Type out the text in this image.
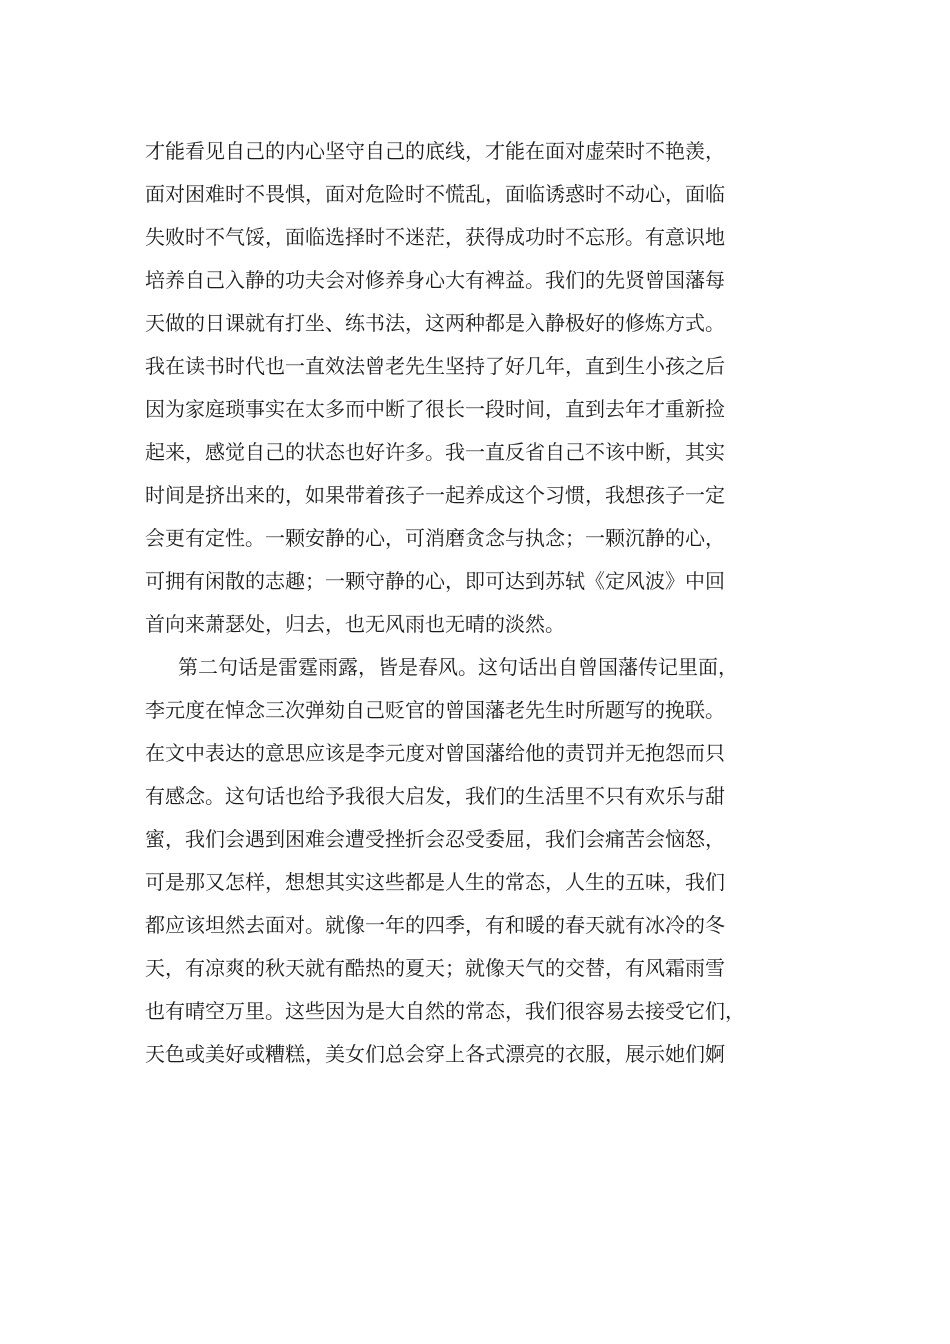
才能看见自己的内心坚守自己的底线，才能在面对虚荣时不艳羡，
面对困难时不畏惧，面对危险时不慌乱，面临诱惑时不动心，面临
失败时不气馁，面临选择时不迷茫，获得成功时不忘形。有意识地
培养自己入静的功夫会对修养身心大有裨益。我们的先贤曾国藩每
天做的日课就有打坐、练书法，这两种都是入静极好的修炼方式。
我在读书时代也一直效法曾老先生坚持了好几年，直到生小孩之后
因为家庭琐事实在太多而中断了很长一段时间，直到去年才重新捡
起来，感觉自己的状态也好许多。我一直反省自己不该中断，其实
时间是挤出来的，如果带着孩子一起养成这个习惯，我想孩子一定
会更有定性。一颗安静的心，可消磨贪念与执念；一颗沉静的心，
可拥有闲散的志趣；一颗守静的心，即可达到苏轼《定风波》中回
首向来萧瑟处，归去，也无风雨也无晴的淡然。
第二句话是雷霆雨露，皆是春风。这句话出自曾国藩传记里面，
李元度在悼念三次弹劾自己贬官的曾国藩老先生时所题写的挽联。
在文中表达的意思应该是李元度对曾国藩给他的责罚并无抱怨而只
有感念。这句话也给予我很大启发，我们的生活里不只有欢乐与甜
蜜，我们会遇到困难会遭受挫折会忍受委屈，我们会痛苦会恼怒，
可是那又怎样，想想其实这些都是人生的常态，人生的五味，我们
都应该坦然去面对。就像一年的四季，有和暖的春天就有冰冷的冬
天，有凉爽的秋天就有酷热的夏天；就像天气的交替，有风霜雨雪
也有晴空万里。这些因为是大自然的常态，我们很容易去接受它们，
天色或美好或糟糕，美女们总会穿上各式漂亮的衣服，展示她们婀
